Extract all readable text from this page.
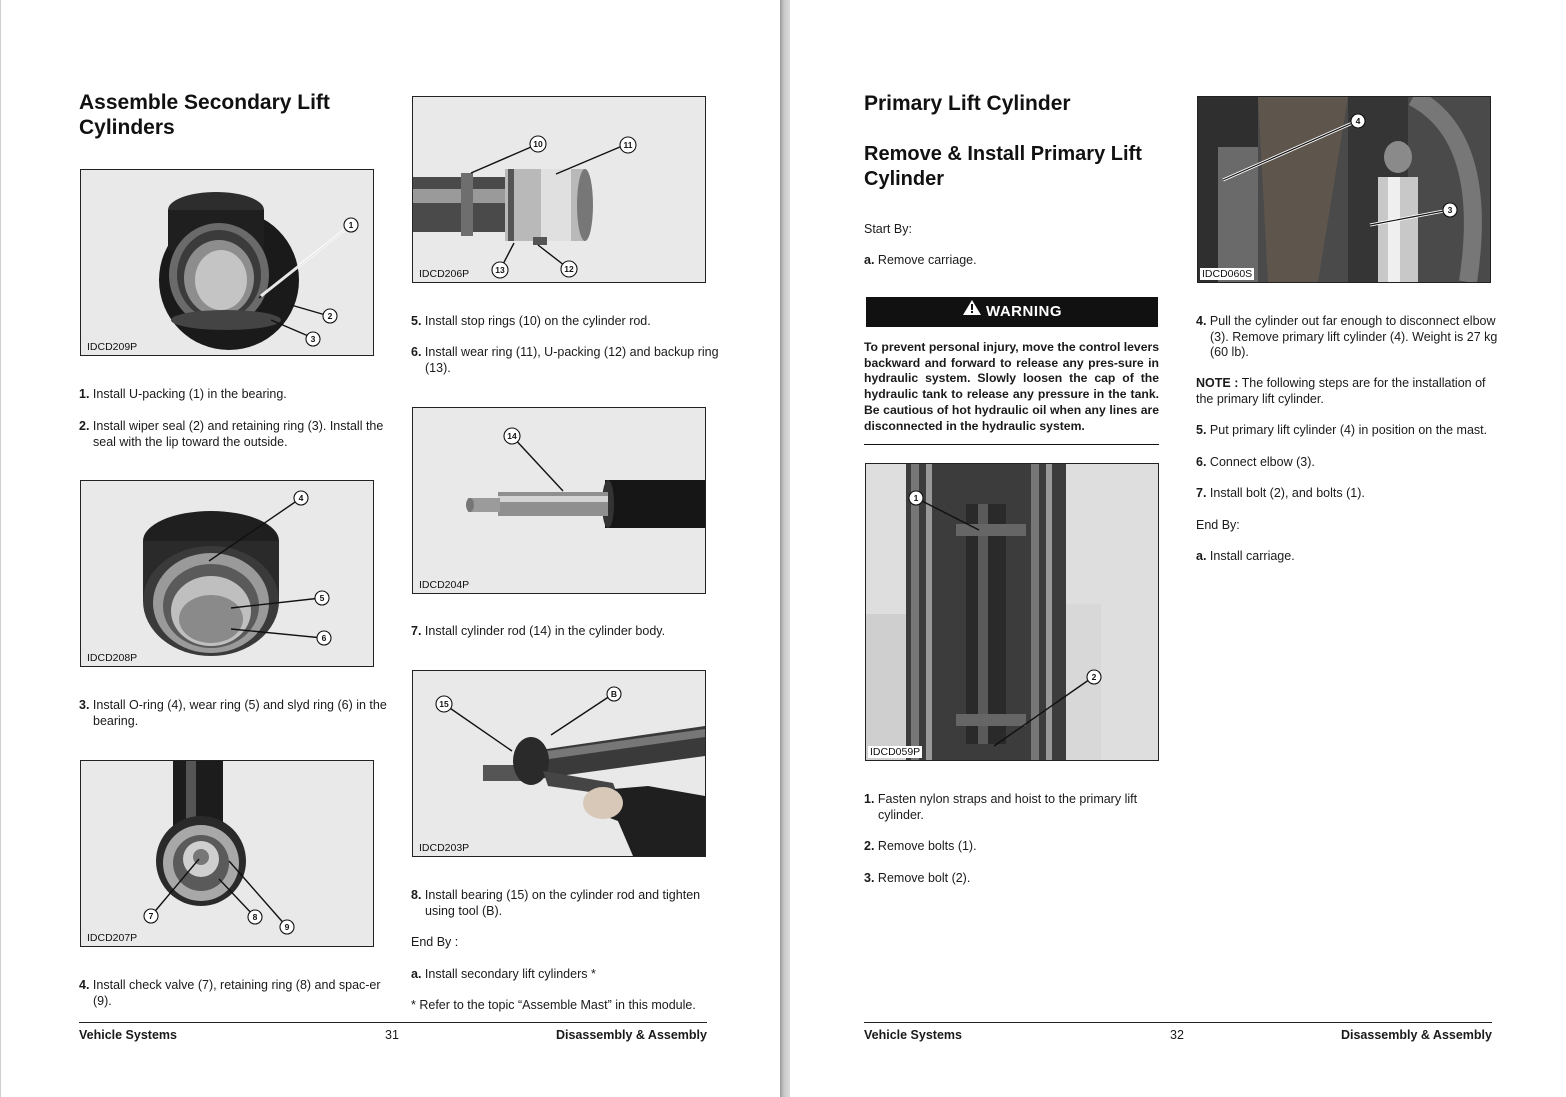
Assemble Secondary Lift Cylinders
1
2
3
IDCD209P
1. Install U-packing (1) in the bearing.
2. Install wiper seal (2) and retaining ring (3). Install the seal with the lip toward the outside.
4
5
6
IDCD208P
3. Install O-ring (4), wear ring (5) and slyd ring (6) in the bearing.
7	8
9
IDCD207P
4. Install check valve (7), retaining ring (8) and spac-er (9).
10	11
12
13
IDCD206P
5. Install stop rings (10) on the cylinder rod.
6. Install wear ring (11), U-packing (12) and backup ring (13).
14
IDCD204P
7. Install cylinder rod (14) in the cylinder body.
15
B
IDCD203P
8. Install bearing (15) on the cylinder rod and tighten using tool (B).
End By :
a. Install secondary lift cylinders *
* Refer to the topic “Assemble Mast” in this module.
Vehicle Systems	31	Disassembly & Assembly
Primary Lift Cylinder
Remove & Install Primary Lift Cylinder
Start By:
a. Remove carriage.
WARNING
To prevent personal injury, move the control levers backward and forward to release any pres-sure in hydraulic system. Slowly loosen the cap of the hydraulic tank to release any pressure in the tank. Be cautious of hot hydraulic oil when any lines are disconnected in the hydraulic system.
1
2
IDCD059P
1. Fasten nylon straps and hoist to the primary lift cylinder.
2. Remove bolts (1).
3. Remove bolt (2).
4
3
IDCD060S
4. Pull the cylinder out far enough to disconnect elbow (3). Remove primary lift cylinder (4). Weight is 27 kg (60 lb).
NOTE : The following steps are for the installation of the primary lift cylinder.
5. Put primary lift cylinder (4) in position on the mast.
6. Connect elbow (3).
7. Install bolt (2), and bolts (1).
End By:
a. Install carriage.
Vehicle Systems	32	Disassembly & Assembly
